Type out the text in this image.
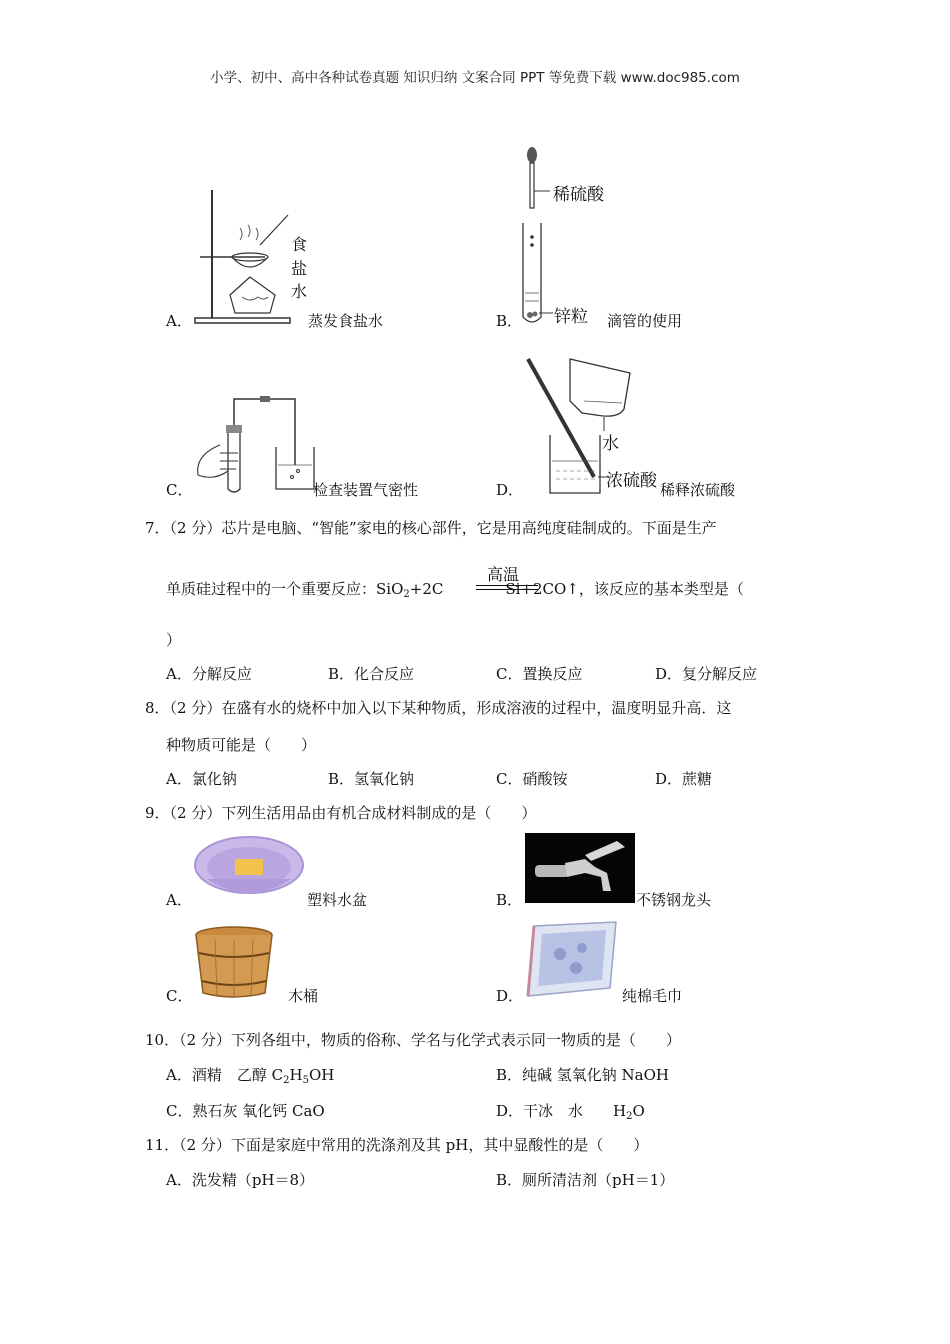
小学、初中、高中各种试卷真题 知识归纳 文案合同 PPT 等免费下载 www.doc985.com
食
盐
水
A．	蒸发食盐水
稀硫酸
锌粒
B．	滴管的使用
C．	检查装置气密性
水
浓硫酸
D．	稀释浓硫酸
7．（2 分）芯片是电脑、“智能”家电的核心部件，它是用高纯度硅制成的。下面是生产
单质硅过程中的一个重要反应：SiO$_2$+2C	Si+2CO↑，该反应的基本类型是（
高温
）
A．分解反应	B．化合反应	C．置换反应	D．复分解反应
8．（2 分）在盛有水的烧杯中加入以下某种物质，形成溶液的过程中，温度明显升高．这
种物质可能是（　　）
A．氯化钠	B．氢氧化钠	C．硝酸铵	D．蔗糖
9．（2 分）下列生活用品由有机合成材料制成的是（　　）
A．	塑料水盆	B．	不锈钢龙头
C．	木桶	D．	纯棉毛巾
10．（2 分）下列各组中，物质的俗称、学名与化学式表示同一物质的是（　　）
A．酒精　乙醇 $C_2H_5OH$	B．纯碱 氢氧化钠 NaOH
C．熟石灰 氧化钙 CaO	D．干冰　水　　$H_2O$
11．（2 分）下面是家庭中常用的洗涤剂及其 pH，其中显酸性的是（　　）
A．洗发精（pH＝8）	B．厕所清洁剂（pH＝1）
